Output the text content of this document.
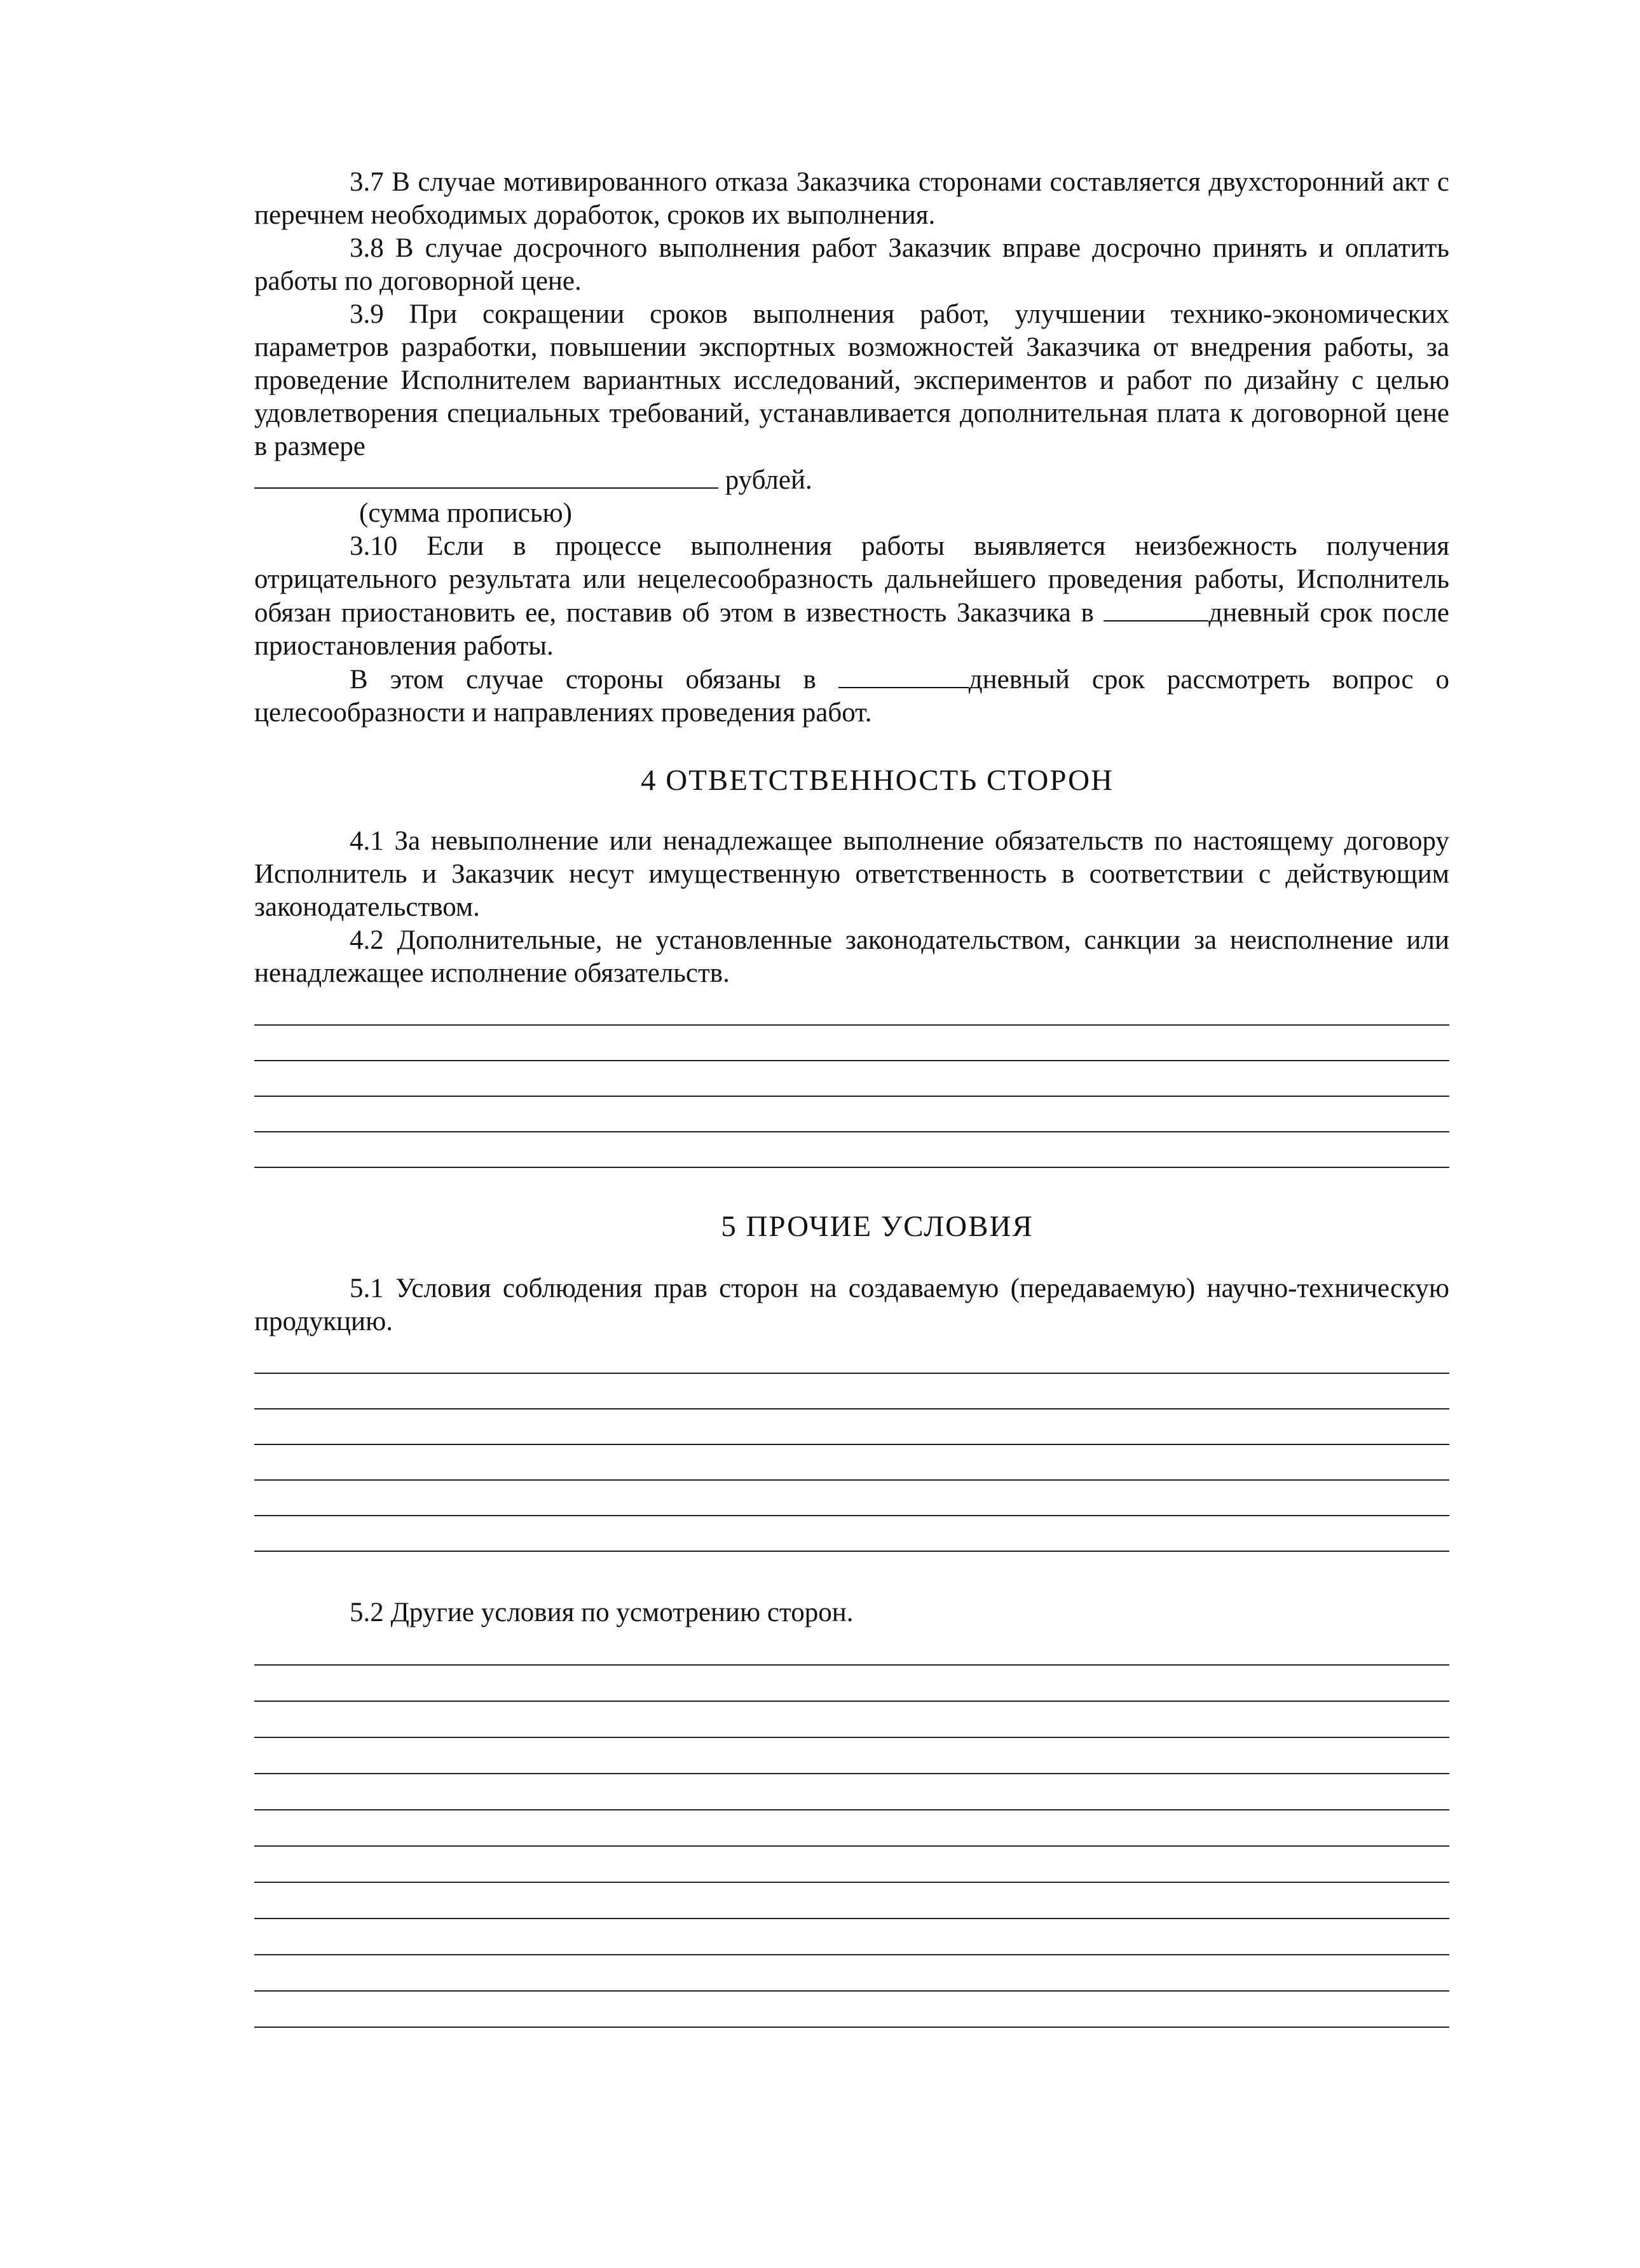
3.7 В случае мотивированного отказа Заказчика сторонами составляется двухсторонний акт с перечнем необходимых доработок, сроков их выполнения.

3.8 В случае досрочного выполнения работ Заказчик вправе досрочно принять и оплатить работы по договорной цене.

3.9 При сокращении сроков выполнения работ, улучшении технико-экономических параметров разработки, повышении экспортных возможностей Заказчика от внедрения работы, за проведение Исполнителем вариантных исследований, экспериментов и работ по дизайну с целью удовлетворения специальных требований, устанавливается дополнительная плата к договорной цене в размере

рублей.

(сумма прописью)

3.10 Если в процессе выполнения работы выявляется неизбежность получения отрицательного результата или нецелесообразность дальнейшего проведения работы, Исполнитель обязан приостановить ее, поставив об этом в известность Заказчика в	дневный срок после приостановления работы.

В этом случае стороны обязаны в	дневный срок рассмотреть вопрос о целесообразности и направлениях проведения работ.

4 ОТВЕТСТВЕННОСТЬ СТОРОН

4.1 За невыполнение или ненадлежащее выполнение обязательств по настоящему договору Исполнитель и Заказчик несут имущественную ответственность в соответствии с действующим законодательством.

4.2 Дополнительные, не установленные законодательством, санкции за неисполнение или ненадлежащее исполнение обязательств.

5 ПРОЧИЕ УСЛОВИЯ

5.1 Условия соблюдения прав сторон на создаваемую (передаваемую) научно-техническую продукцию.

5.2 Другие условия по усмотрению сторон.
